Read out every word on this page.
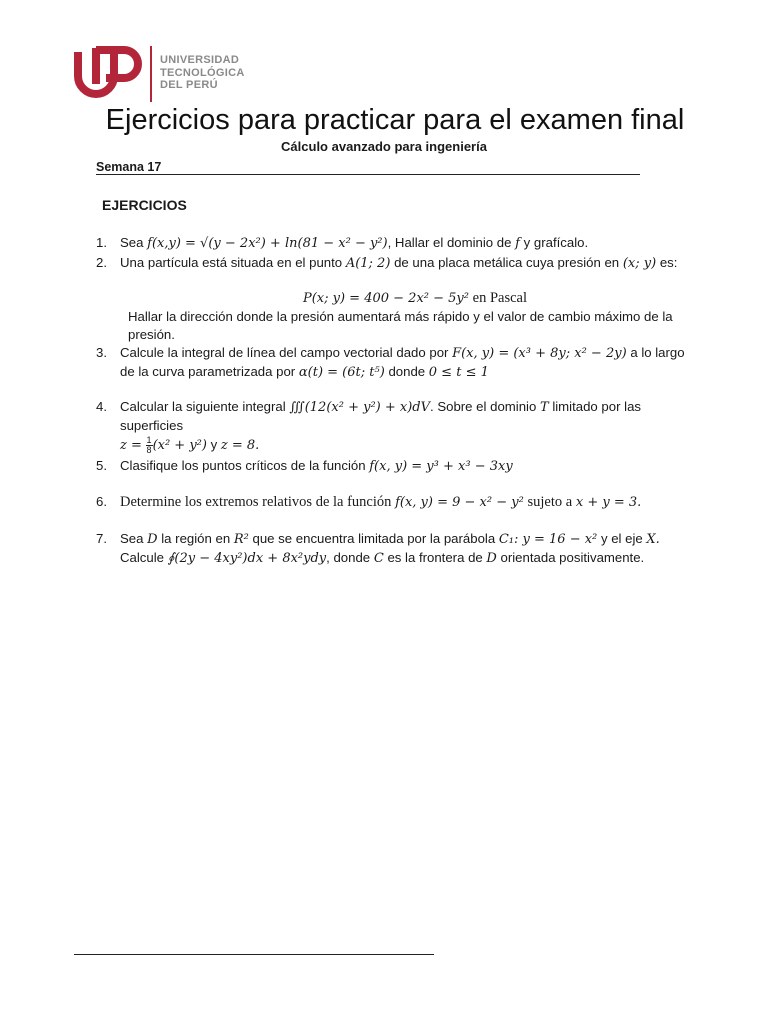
UNIVERSIDAD
TECNOLÓGICA
DEL PERÚ
Ejercicios para practicar para el examen final
Cálculo avanzado para ingeniería
Semana 17
EJERCICIOS
1. Sea f(x,y) = √(y − 2x²) + ln(81 − x² − y²), Hallar el dominio de f y grafícalo.
2. Una partícula está situada en el punto A(1; 2) de una placa metálica cuya presión en (x; y) es:
P(x; y) = 400 − 2x² − 5y² en Pascal
Hallar la dirección donde la presión aumentará más rápido y el valor de cambio máximo de la presión.
3. Calcule la integral de línea del campo vectorial dado por F(x, y) = (x³ + 8y; x² − 2y) a lo largo de la curva parametrizada por α(t) = (6t; t⁵) donde 0 ≤ t ≤ 1
4. Calcular la siguiente integral ∭(12(x² + y²) + x)dV. Sobre el dominio T limitado por las superficies
$z = \frac{1}{8} (x^2 + y^2)$ y z = 8.
5. Clasifique los puntos críticos de la función f(x, y) = y³ + x³ − 3xy
6. Determine los extremos relativos de la función f(x, y) = 9 − x² − y² sujeto a x + y = 3.
7. Sea D la región en R² que se encuentra limitada por la parábola C₁: y = 16 − x² y el eje X. Calcule ∮(2y − 4xy²)dx + 8x²ydy, donde C es la frontera de D orientada positivamente.
